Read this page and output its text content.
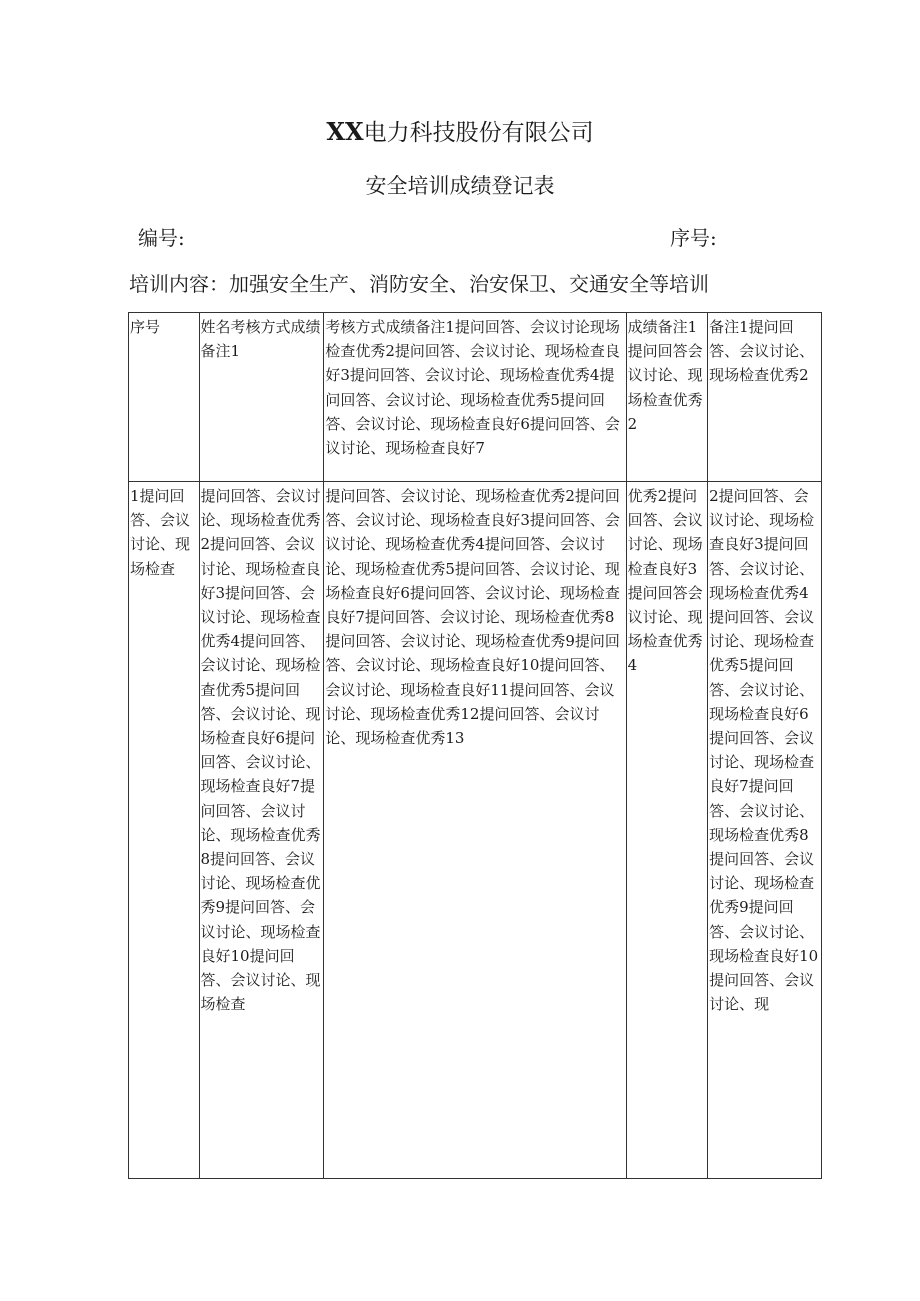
XX电力科技股份有限公司
安全培训成绩登记表
编号:	序号:
培训内容：加强安全生产、消防安全、治安保卫、交通安全等培训
序号	姓名考核方式成绩备注1	考核方式成绩备注1提问回答、会议讨论现场检查优秀2提问回答、会议讨论、现场检查良好3提问回答、会议讨论、现场检查优秀4提问回答、会议讨论、现场检查优秀5提问回答、会议讨论、现场检查良好6提问回答、会议讨论、现场检查良好7	成绩备注1提问回答会议讨论、现场检查优秀2	备注1提问回答、会议讨论、现场检查优秀2
1提问回答、会议讨论、现场检查	提问回答、会议讨论、现场检查优秀2提问回答、会议讨论、现场检查良好3提问回答、会议讨论、现场检查优秀4提问回答、会议讨论、现场检查优秀5提问回答、会议讨论、现场检查良好6提问回答、会议讨论、现场检查良好7提问回答、会议讨论、现场检查优秀8提问回答、会议讨论、现场检查优秀9提问回答、会议讨论、现场检查良好10提问回答、会议讨论、现场检查	提问回答、会议讨论、现场检查优秀2提问回答、会议讨论、现场检查良好3提问回答、会议讨论、现场检查优秀4提问回答、会议讨论、现场检查优秀5提问回答、会议讨论、现场检查良好6提问回答、会议讨论、现场检查良好7提问回答、会议讨论、现场检查优秀8提问回答、会议讨论、现场检查优秀9提问回答、会议讨论、现场检查良好10提问回答、会议讨论、现场检查良好11提问回答、会议讨论、现场检查优秀12提问回答、会议讨论、现场检查优秀13	优秀2提问回答、会议讨论、现场检查良好3提问回答会议讨论、现场检查优秀4	2提问回答、会议讨论、现场检查良好3提问回答、会议讨论、现场检查优秀4提问回答、会议讨论、现场检查优秀5提问回答、会议讨论、现场检查良好6提问回答、会议讨论、现场检查良好7提问回答、会议讨论、现场检查优秀8提问回答、会议讨论、现场检查优秀9提问回答、会议讨论、现场检查良好10提问回答、会议讨论、现
